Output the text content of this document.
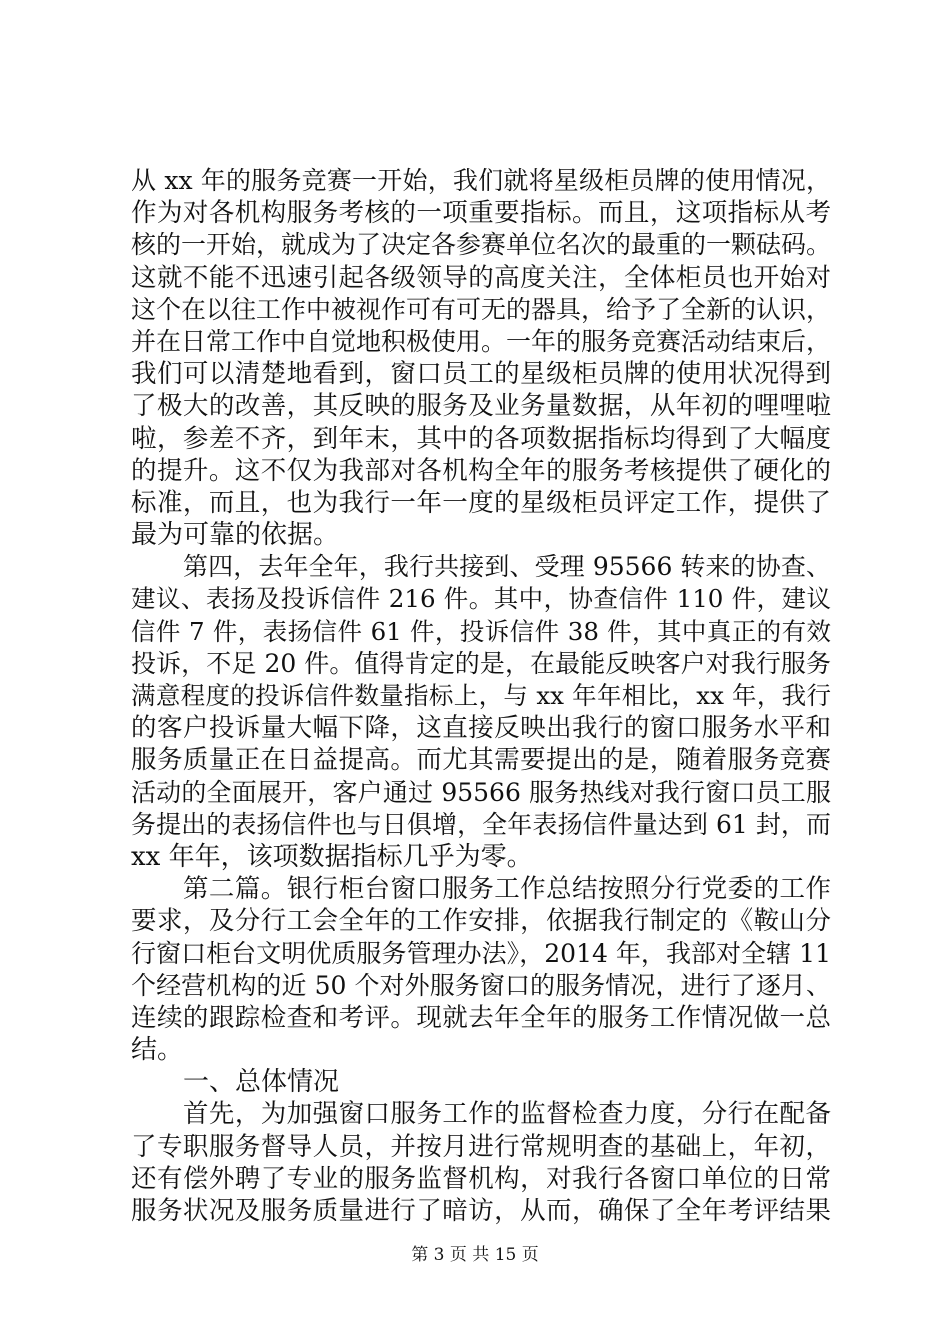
从 xx 年的服务竞赛一开始，我们就将星级柜员牌的使用情况，
作为对各机构服务考核的一项重要指标。而且，这项指标从考
核的一开始，就成为了决定各参赛单位名次的最重的一颗砝码。
这就不能不迅速引起各级领导的高度关注，全体柜员也开始对
这个在以往工作中被视作可有可无的器具，给予了全新的认识，
并在日常工作中自觉地积极使用。一年的服务竞赛活动结束后，
我们可以清楚地看到，窗口员工的星级柜员牌的使用状况得到
了极大的改善，其反映的服务及业务量数据，从年初的哩哩啦
啦，参差不齐，到年末，其中的各项数据指标均得到了大幅度
的提升。这不仅为我部对各机构全年的服务考核提供了硬化的
标准，而且，也为我行一年一度的星级柜员评定工作，提供了
最为可靠的依据。
第四，去年全年，我行共接到、受理 95566 转来的协查、
建议、表扬及投诉信件 216 件。其中，协查信件 110 件，建议
信件 7 件，表扬信件 61 件，投诉信件 38 件，其中真正的有效
投诉，不足 20 件。值得肯定的是，在最能反映客户对我行服务
满意程度的投诉信件数量指标上，与 xx 年年相比，xx 年，我行
的客户投诉量大幅下降，这直接反映出我行的窗口服务水平和
服务质量正在日益提高。而尤其需要提出的是，随着服务竞赛
活动的全面展开，客户通过 95566 服务热线对我行窗口员工服
务提出的表扬信件也与日俱增，全年表扬信件量达到 61 封，而
xx 年年，该项数据指标几乎为零。
第二篇。银行柜台窗口服务工作总结按照分行党委的工作
要求，及分行工会全年的工作安排，依据我行制定的《鞍山分
行窗口柜台文明优质服务管理办法》，2014 年，我部对全辖 11
个经营机构的近 50 个对外服务窗口的服务情况，进行了逐月、
连续的跟踪检查和考评。现就去年全年的服务工作情况做一总
结。
一、总体情况
首先，为加强窗口服务工作的监督检查力度，分行在配备
了专职服务督导人员，并按月进行常规明查的基础上，年初，
还有偿外聘了专业的服务监督机构，对我行各窗口单位的日常
服务状况及服务质量进行了暗访，从而，确保了全年考评结果
第 3 页 共 15 页
